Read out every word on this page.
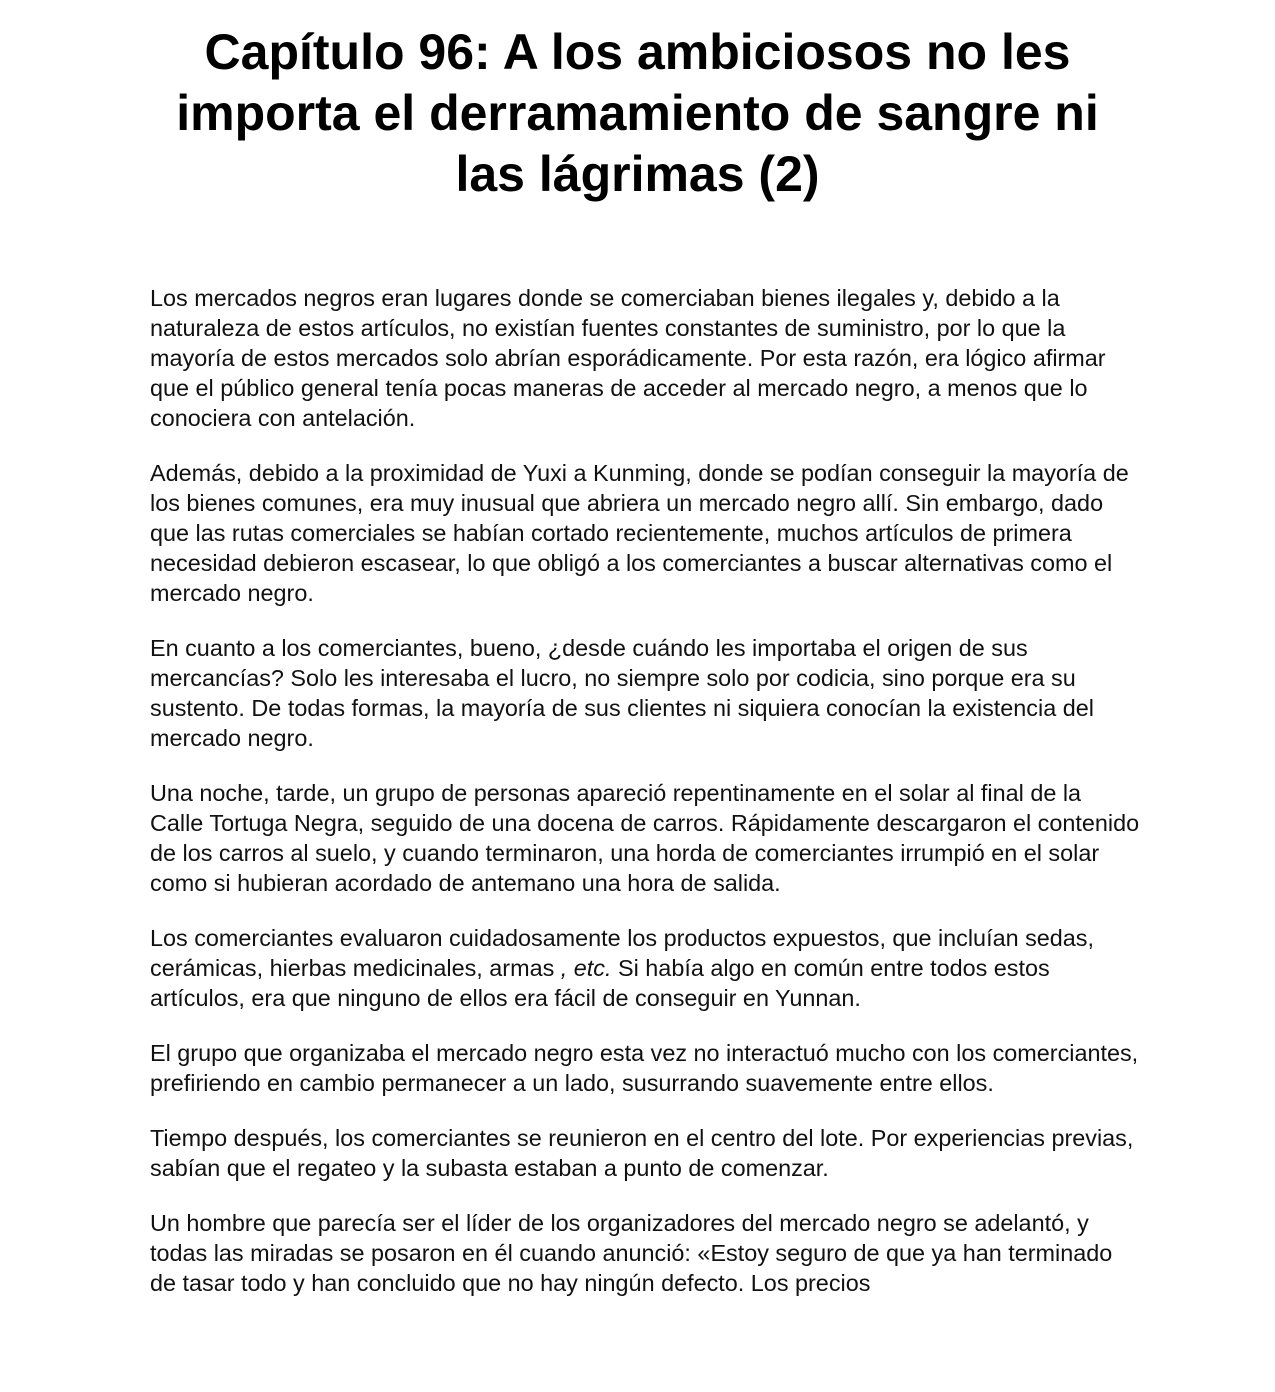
Capítulo 96: A los ambiciosos no les importa el derramamiento de sangre ni las lágrimas (2)

Los mercados negros eran lugares donde se comerciaban bienes ilegales y, debido a la naturaleza de estos artículos, no existían fuentes constantes de suministro, por lo que la mayoría de estos mercados solo abrían esporádicamente. Por esta razón, era lógico afirmar que el público general tenía pocas maneras de acceder al mercado negro, a menos que lo conociera con antelación.

Además, debido a la proximidad de Yuxi a Kunming, donde se podían conseguir la mayoría de los bienes comunes, era muy inusual que abriera un mercado negro allí. Sin embargo, dado que las rutas comerciales se habían cortado recientemente, muchos artículos de primera necesidad debieron escasear, lo que obligó a los comerciantes a buscar alternativas como el mercado negro.

En cuanto a los comerciantes, bueno, ¿desde cuándo les importaba el origen de sus mercancías? Solo les interesaba el lucro, no siempre solo por codicia, sino porque era su sustento. De todas formas, la mayoría de sus clientes ni siquiera conocían la existencia del mercado negro.

Una noche, tarde, un grupo de personas apareció repentinamente en el solar al final de la Calle Tortuga Negra, seguido de una docena de carros. Rápidamente descargaron el contenido de los carros al suelo, y cuando terminaron, una horda de comerciantes irrumpió en el solar como si hubieran acordado de antemano una hora de salida.

Los comerciantes evaluaron cuidadosamente los productos expuestos, que incluían sedas, cerámicas, hierbas medicinales, armas , etc. Si había algo en común entre todos estos artículos, era que ninguno de ellos era fácil de conseguir en Yunnan.

El grupo que organizaba el mercado negro esta vez no interactuó mucho con los comerciantes, prefiriendo en cambio permanecer a un lado, susurrando suavemente entre ellos.

Tiempo después, los comerciantes se reunieron en el centro del lote. Por experiencias previas, sabían que el regateo y la subasta estaban a punto de comenzar.

Un hombre que parecía ser el líder de los organizadores del mercado negro se adelantó, y todas las miradas se posaron en él cuando anunció: «Estoy seguro de que ya han terminado de tasar todo y han concluido que no hay ningún defecto. Los precios
